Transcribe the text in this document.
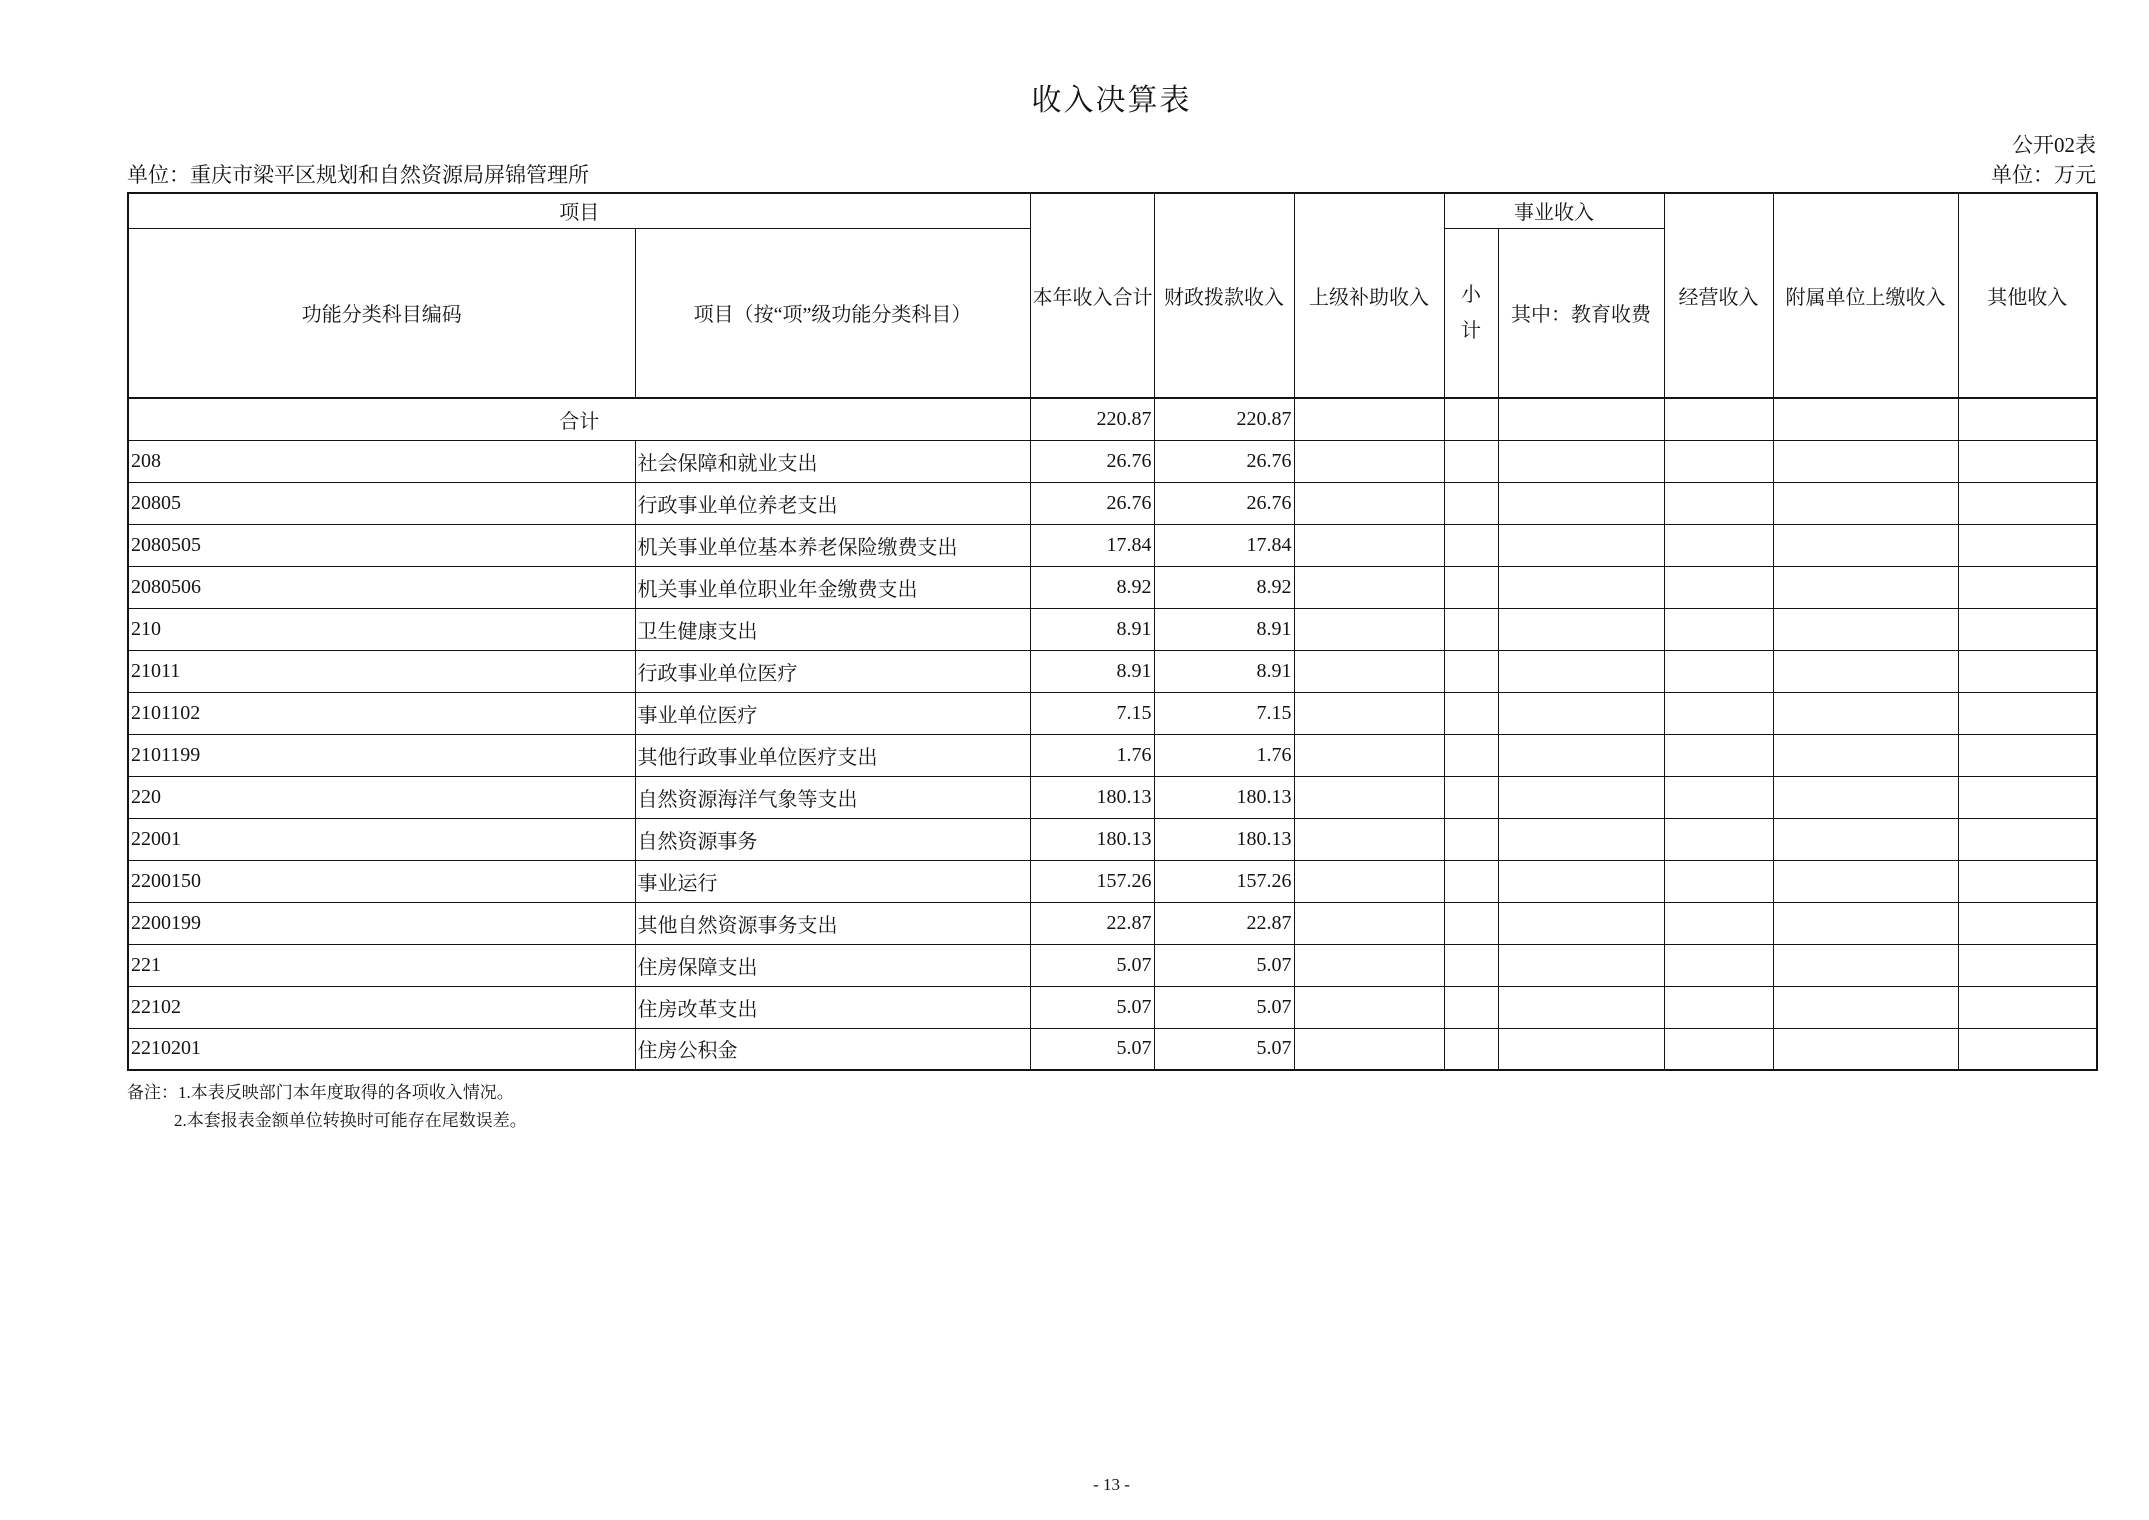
收入决算表
公开02表
单位：重庆市梁平区规划和自然资源局屏锦管理所	单位：万元
项目		本年收入合计	财政拨款收入	上级补助收入	事业收入		经营收入	附属单位上缴收入	其他收入
功能分类科目编码	项目（按“项”级功能分类科目）				小计	其中：教育收费			
合计		220.87	220.87						
208	社会保障和就业支出	26.76	26.76						
20805	行政事业单位养老支出	26.76	26.76						
2080505	机关事业单位基本养老保险缴费支出	17.84	17.84						
2080506	机关事业单位职业年金缴费支出	8.92	8.92						
210	卫生健康支出	8.91	8.91						
21011	行政事业单位医疗	8.91	8.91						
2101102	事业单位医疗	7.15	7.15						
2101199	其他行政事业单位医疗支出	1.76	1.76						
220	自然资源海洋气象等支出	180.13	180.13						
22001	自然资源事务	180.13	180.13						
2200150	事业运行	157.26	157.26						
2200199	其他自然资源事务支出	22.87	22.87						
221	住房保障支出	5.07	5.07						
22102	住房改革支出	5.07	5.07						
2210201	住房公积金	5.07	5.07						
备注：1.本表反映部门本年度取得的各项收入情况。
2.本套报表金额单位转换时可能存在尾数误差。
- 13 -
